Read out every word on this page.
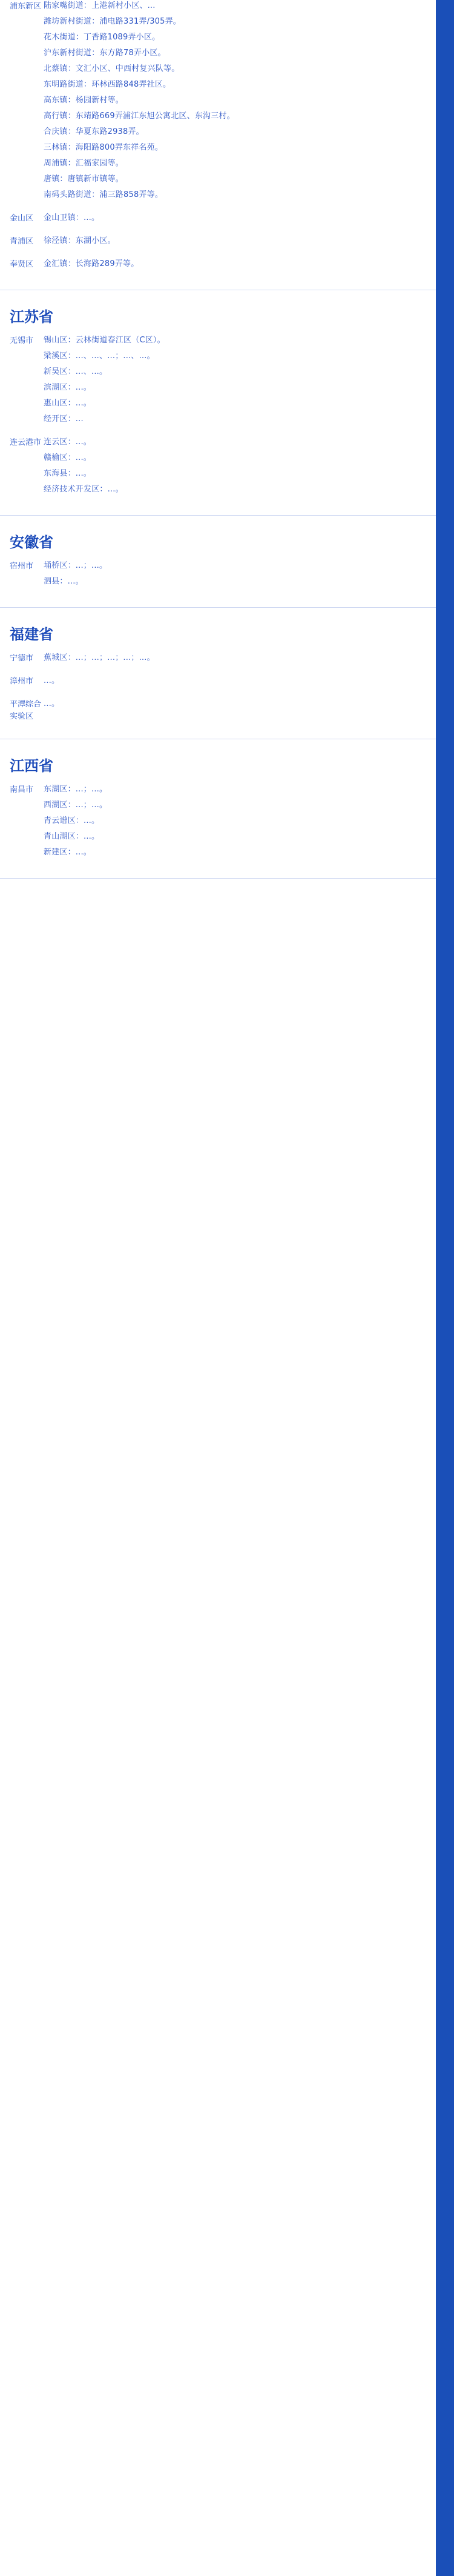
浦东新区 陆家嘴街道：上港新村小区、...
潍坊新村街道：浦电路331弄/305弄。
花木街道：丁香路1089弄小区。
沪东新村街道：东方路78弄小区。
北蔡镇：文汇小区、中西村复兴队等。
东明路街道：环林西路848弄社区。
高东镇：杨园新村等。
高行镇：东靖路669弄浦江东旭公寓北区、东沟三村。
合庆镇：华夏东路2938弄。
三林镇：海阳路800弄东祥名苑。
周浦镇：汇福家园等。
唐镇：唐镇新市镇等。
南码头路街道：浦三路858弄等。
金山区	金山卫镇：...。
青浦区	徐泾镇：东湖小区。
奉贤区	金汇镇：长海路289弄等。
江苏省
无锡市	锡山区：云林街道春江区（C区）。
梁溪区：...、...、...；...、...。
新吴区：...、...。
滨湖区：...。
惠山区：...。
经开区：...
连云港市 连云区：...。
赣榆区：...。
东海县：...。
经济技术开发区：...。
安徽省
宿州市	埇桥区：...；...。
泗县：...。
福建省
宁德市	蕉城区：...；...；...；...；...。
漳州市	...。
平潭综合实验区
...。
江西省
南昌市	东湖区：...；...。
西湖区：...；...。
青云谱区：...。
青山湖区：...。
新建区：...。
